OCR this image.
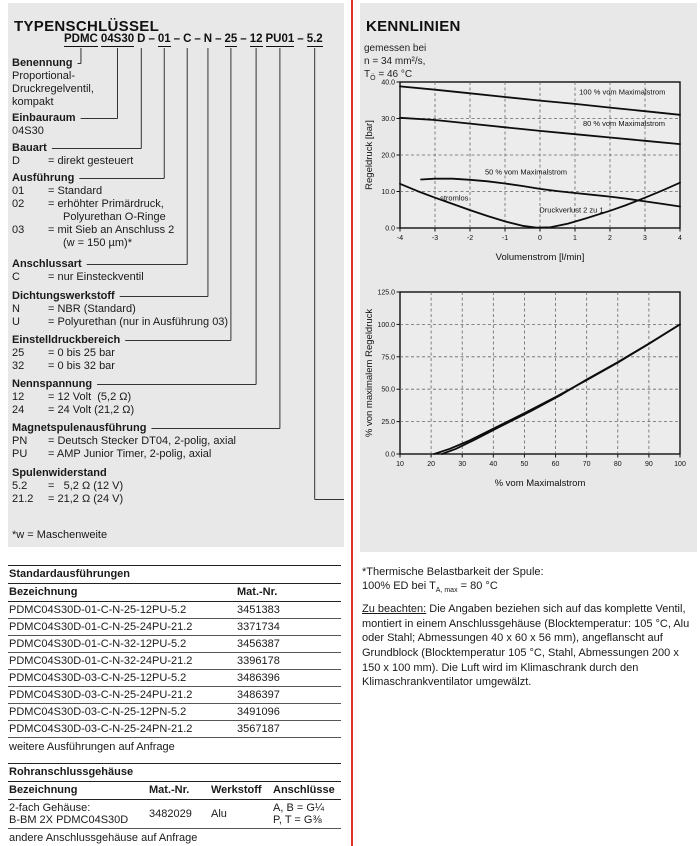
TYPENSCHLÜSSEL
PDMC 04S30 D – 01 – C – N – 25 – 12 PU01 – 5.2
Benennung
Proportional-
Druckregelventil,
kompakt
Einbauraum
04S30
Bauart
D	= direkt gesteuert
Ausführung
01 = Standard
02 = erhöhter Primärdruck,
Polyurethan O-Ringe
03 = mit Sieb an Anschluss 2
(w = 150 µm)*
Anschlussart
C	= nur Einsteckventil
Dichtungswerkstoff
N	= NBR (Standard)
U	= Polyurethan (nur in Ausführung 03)
Einstelldruckbereich
25 = 0 bis 25 bar
32 = 0 bis 32 bar
Nennspannung
12 = 12 Volt  (5,2 Ω)
24 = 24 Volt (21,2 Ω)
Magnetspulenausführung
PN = Deutsch Stecker DT04, 2-polig, axial
PU = AMP Junior Timer, 2-polig, axial
Spulenwiderstand
5.2 =   5,2 Ω (12 V)
21.2 = 21,2 Ω (24 V)
*w = Maschenweite
KENNLINIEN
gemessen bei
n = 34 mm²/s,
$T_Ö = 46$ °C
-4	-3	-2	-1	0	1	2	3	4
0.0
10.0
20.0
30.0
40.0
100 % vom Maximalstrom
80 % vom Maximalstrom
50 % vom Maximalstrom
stromlos
Druckverlust 2 zu 1
Volumenstrom [l/min]
Regeldruck [bar]
10	20	30	40	50	60	70	80	90	100
0.0
25.0
50.0
75.0
100.0
125.0
% vom Maximalstrom
% von maximalem Regeldruck
Standardausführungen
Bezeichnung	Mat.-Nr.
PDMC04S30D-01-C-N-25-12PU-5.2	3451383
PDMC04S30D-01-C-N-25-24PU-21.2	3371734
PDMC04S30D-01-C-N-32-12PU-5.2	3456387
PDMC04S30D-01-C-N-32-24PU-21.2	3396178
PDMC04S30D-03-C-N-25-12PU-5.2	3486396
PDMC04S30D-03-C-N-25-24PU-21.2	3486397
PDMC04S30D-03-C-N-25-12PN-5.2	3491096
PDMC04S30D-03-C-N-25-24PN-21.2	3567187
weitere Ausführungen auf Anfrage
Rohranschlussgehäuse
Bezeichnung	Mat.-Nr.	Werkstoff	Anschlüsse
2-fach Gehäuse:
B-BM 2X PDMC04S30D	3482029	Alu	A, B = G¼
P, T = G⅜
andere Anschlussgehäuse auf Anfrage
*Thermische Belastbarkeit der Spule:
100% ED bei $T_{A, max} = 80$ °C
Zu beachten: Die Angaben beziehen sich auf das komplette Ventil, montiert in einem Anschlussgehäuse (Blocktemperatur: 105 °C, Alu oder Stahl; Abmessungen 40 x 60 x 56 mm), angeflanscht auf Grundblock (Blocktemperatur 105 °C, Stahl, Abmessungen 200 x 150 x 100 mm). Die Luft wird im Klimaschrank durch den Klimaschrankventilator umgewälzt.
